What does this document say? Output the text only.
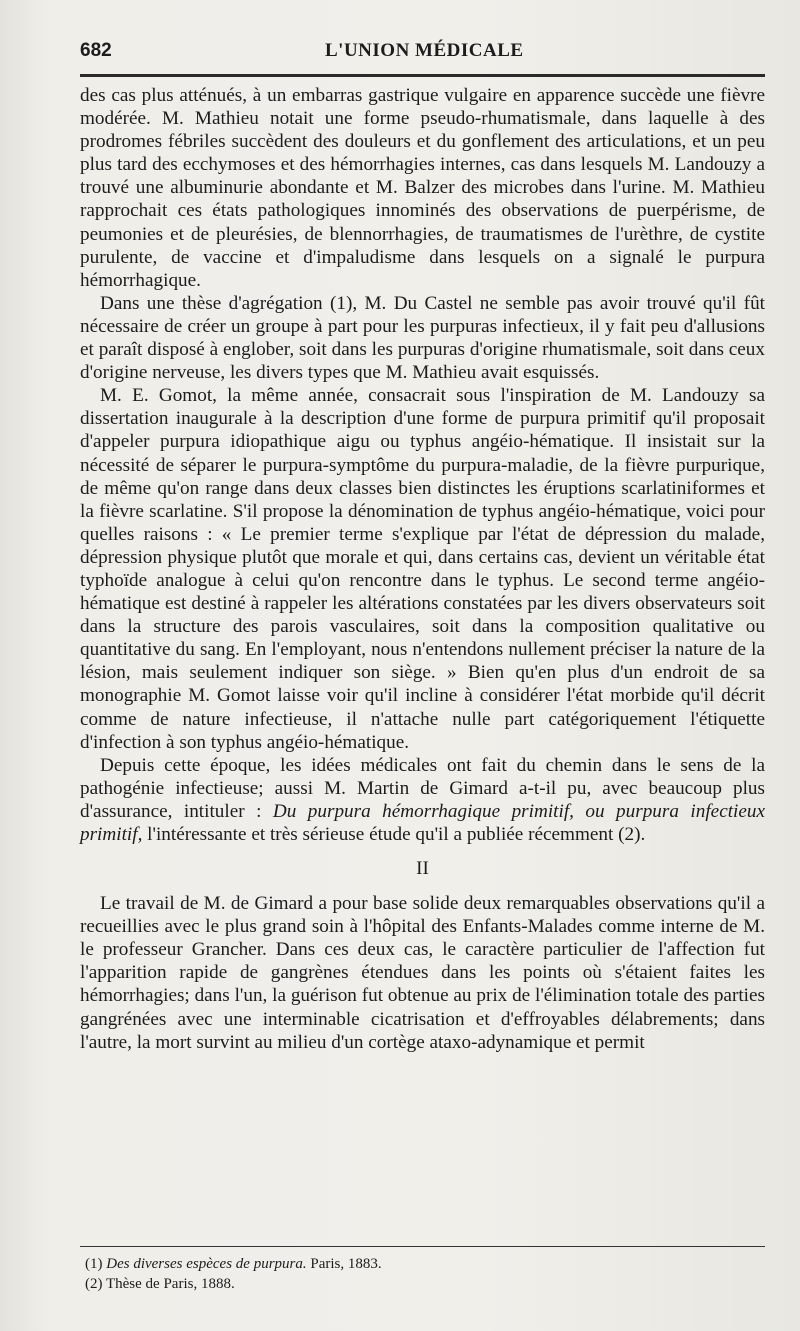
682	L'UNION MÉDICALE

des cas plus atténués, à un embarras gastrique vulgaire en apparence succède une fièvre modérée. M. Mathieu notait une forme pseudo-rhumatismale, dans laquelle à des prodromes fébriles succèdent des douleurs et du gonflement des articulations, et un peu plus tard des ecchymoses et des hémorrhagies internes, cas dans lesquels M. Landouzy a trouvé une albuminurie abondante et M. Balzer des microbes dans l'urine. M. Mathieu rapprochait ces états pathologiques innominés des observations de puerpérisme, de peumonies et de pleurésies, de blennorrhagies, de traumatismes de l'urèthre, de cystite purulente, de vaccine et d'impaludisme dans lesquels on a signalé le purpura hémorrhagique.

Dans une thèse d'agrégation (1), M. Du Castel ne semble pas avoir trouvé qu'il fût nécessaire de créer un groupe à part pour les purpuras infectieux, il y fait peu d'allusions et paraît disposé à englober, soit dans les purpuras d'origine rhumatismale, soit dans ceux d'origine nerveuse, les divers types que M. Mathieu avait esquissés.

M. E. Gomot, la même année, consacrait sous l'inspiration de M. Landouzy sa dissertation inaugurale à la description d'une forme de purpura primitif qu'il proposait d'appeler purpura idiopathique aigu ou typhus angéio-hématique. Il insistait sur la nécessité de séparer le purpura-symptôme du purpura-maladie, de la fièvre purpurique, de même qu'on range dans deux classes bien distinctes les éruptions scarlatiniformes et la fièvre scarlatine. S'il propose la dénomination de typhus angéio-hématique, voici pour quelles raisons : « Le premier terme s'explique par l'état de dépression du malade, dépression physique plutôt que morale et qui, dans certains cas, devient un véritable état typhoïde analogue à celui qu'on rencontre dans le typhus. Le second terme angéio-hématique est destiné à rappeler les altérations constatées par les divers observateurs soit dans la structure des parois vasculaires, soit dans la composition qualitative ou quantitative du sang. En l'employant, nous n'entendons nullement préciser la nature de la lésion, mais seulement indiquer son siège. » Bien qu'en plus d'un endroit de sa monographie M. Gomot laisse voir qu'il incline à considérer l'état morbide qu'il décrit comme de nature infectieuse, il n'attache nulle part catégoriquement l'étiquette d'infection à son typhus angéio-hématique.

Depuis cette époque, les idées médicales ont fait du chemin dans le sens de la pathogénie infectieuse; aussi M. Martin de Gimard a-t-il pu, avec beaucoup plus d'assurance, intituler : Du purpura hémorrhagique primitif, ou purpura infectieux primitif, l'intéressante et très sérieuse étude qu'il a publiée récemment (2).

II

Le travail de M. de Gimard a pour base solide deux remarquables observations qu'il a recueillies avec le plus grand soin à l'hôpital des Enfants-Malades comme interne de M. le professeur Grancher. Dans ces deux cas, le caractère particulier de l'affection fut l'apparition rapide de gangrènes étendues dans les points où s'étaient faites les hémorrhagies; dans l'un, la guérison fut obtenue au prix de l'élimination totale des parties gangrénées avec une interminable cicatrisation et d'effroyables délabrements; dans l'autre, la mort survint au milieu d'un cortège ataxo-adynamique et permit

(1) Des diverses espèces de purpura. Paris, 1883.
(2) Thèse de Paris, 1888.
